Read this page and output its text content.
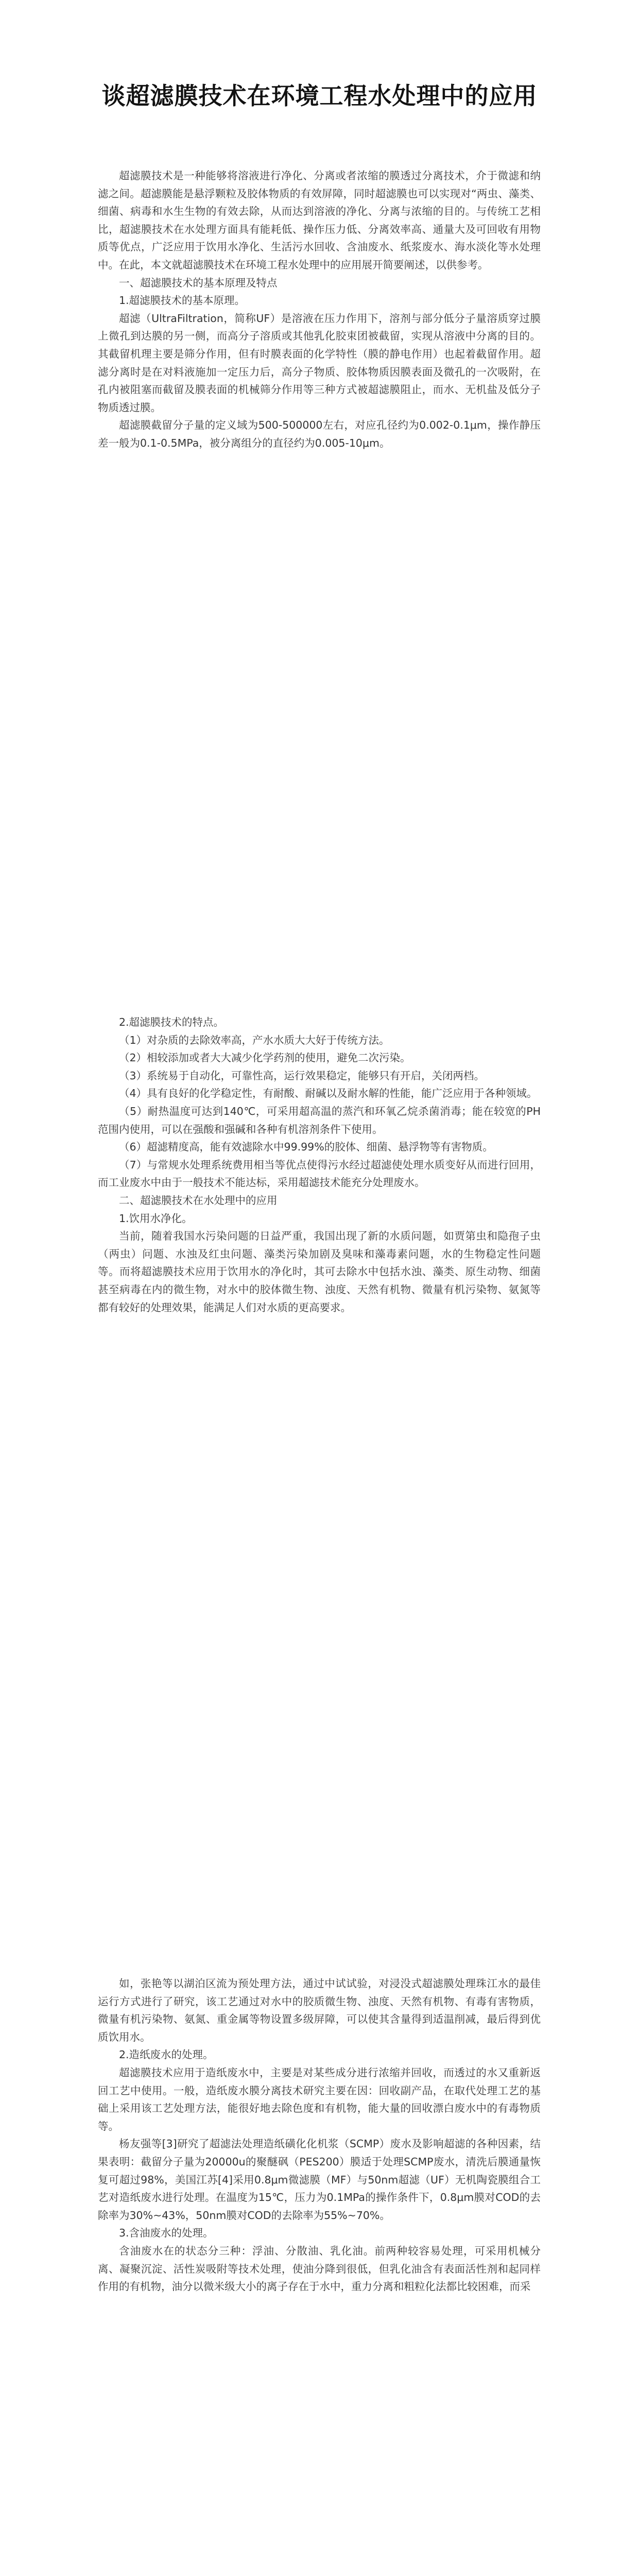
谈超滤膜技术在环境工程水处理中的应用

超滤膜技术是一种能够将溶液进行净化、分离或者浓缩的膜透过分离技术，介于微滤和纳滤之间。超滤膜能是悬浮颗粒及胶体物质的有效屏障，同时超滤膜也可以实现对“两虫、藻类、细菌、病毒和水生生物的有效去除，从而达到溶液的净化、分离与浓缩的目的。与传统工艺相比，超滤膜技术在水处理方面具有能耗低、操作压力低、分离效率高、通量大及可回收有用物质等优点，广泛应用于饮用水净化、生活污水回收、含油废水、纸浆废水、海水淡化等水处理中。在此，本文就超滤膜技术在环境工程水处理中的应用展开简要阐述，以供参考。

一、超滤膜技术的基本原理及特点

1.超滤膜技术的基本原理。

超滤（UltraFiltration，简称UF）是溶液在压力作用下，溶剂与部分低分子量溶质穿过膜上微孔到达膜的另一侧，而高分子溶质或其他乳化胶束团被截留，实现从溶液中分离的目的。其截留机理主要是筛分作用，但有时膜表面的化学特性（膜的静电作用）也起着截留作用。超滤分离时是在对料液施加一定压力后，高分子物质、胶体物质因膜表面及微孔的一次吸附，在孔内被阻塞而截留及膜表面的机械筛分作用等三种方式被超滤膜阻止，而水、无机盐及低分子物质透过膜。

超滤膜截留分子量的定义域为500-500000左右，对应孔径约为0.002-0.1μm，操作静压差一般为0.1-0.5MPa，被分离组分的直径约为0.005-10μm。

2.超滤膜技术的特点。

（1）对杂质的去除效率高，产水水质大大好于传统方法。

（2）相较添加或者大大减少化学药剂的使用，避免二次污染。

（3）系统易于自动化，可靠性高，运行效果稳定，能够只有开启，关闭两档。

（4）具有良好的化学稳定性，有耐酸、耐碱以及耐水解的性能，能广泛应用于各种领域。

（5）耐热温度可达到140℃，可采用超高温的蒸汽和环氧乙烷杀菌消毒；能在较宽的PH范围内使用，可以在强酸和强碱和各种有机溶剂条件下使用。

（6）超滤精度高，能有效滤除水中99.99%的胶体、细菌、悬浮物等有害物质。

（7）与常规水处理系统费用相当等优点使得污水经过超滤使处理水质变好从而进行回用，而工业废水中由于一般技术不能达标，采用超滤技术能充分处理废水。

二、超滤膜技术在水处理中的应用

1.饮用水净化。

当前，随着我国水污染问题的日益严重，我国出现了新的水质问题，如贾第虫和隐孢子虫（两虫）问题、水浊及红虫问题、藻类污染加剧及臭味和藻毒素问题，水的生物稳定性问题等。而将超滤膜技术应用于饮用水的净化时，其可去除水中包括水浊、藻类、原生动物、细菌甚至病毒在内的微生物，对水中的胶体微生物、浊度、天然有机物、微量有机污染物、氨氮等都有较好的处理效果，能满足人们对水质的更高要求。

如，张艳等以湖泊区流为预处理方法，通过中试试验，对浸没式超滤膜处理珠江水的最佳运行方式进行了研究，该工艺通过对水中的胶质微生物、浊度、天然有机物、有毒有害物质，微量有机污染物、氨氮、重金属等物设置多级屏障，可以使其含量得到适温削减，最后得到优质饮用水。

2.造纸废水的处理。

超滤膜技术应用于造纸废水中，主要是对某些成分进行浓缩并回收，而透过的水又重新返回工艺中使用。一般，造纸废水膜分离技术研究主要在因：回收副产品，在取代处理工艺的基础上采用该工艺处理方法，能很好地去除色度和有机物，能大量的回收漂白废水中的有毒物质等。

杨友强等[3]研究了超滤法处理造纸磺化化机浆（SCMP）废水及影响超滤的各种因素，结果表明：截留分子量为20000u的聚醚砜（PES200）膜适于处理SCMP废水，清洗后膜通量恢复可超过98%，美国江苏[4]采用0.8μm微滤膜（MF）与50nm超滤（UF）无机陶瓷膜组合工艺对造纸废水进行处理。在温度为15℃，压力为0.1MPa的操作条件下，0.8μm膜对COD的去除率为30%~43%，50nm膜对COD的去除率为55%~70%。

3.含油废水的处理。

含油废水在的状态分三种：浮油、分散油、乳化油。前两种较容易处理，可采用机械分离、凝聚沉淀、活性炭吸附等技术处理，使油分降到很低，但乳化油含有表面活性剂和起同样作用的有机物，油分以微米级大小的离子存在于水中，重力分离和粗粒化法都比较困难，而采
